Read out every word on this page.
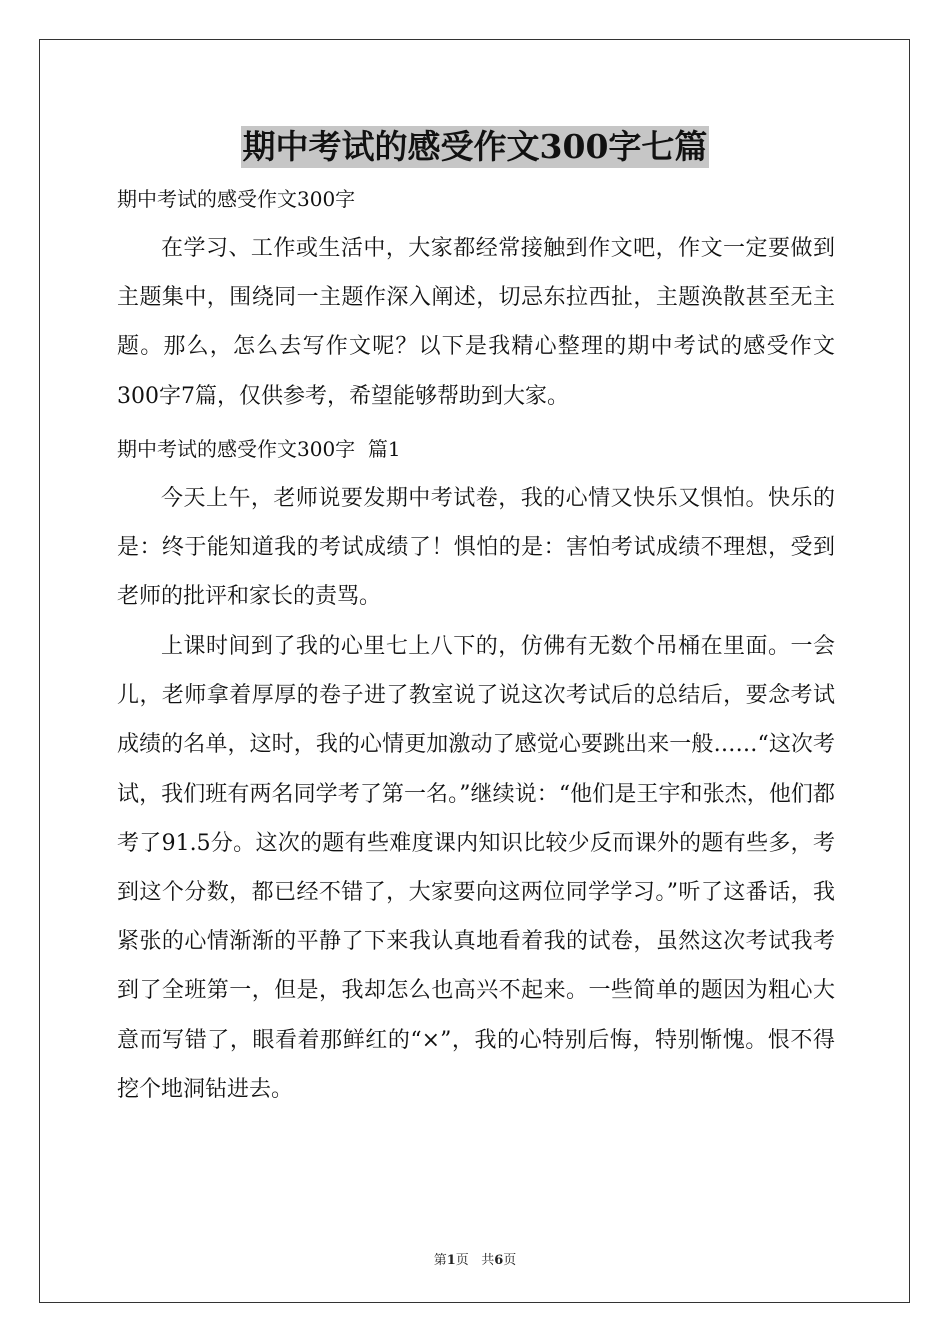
期中考试的感受作文300字七篇
期中考试的感受作文300字

在学习、工作或生活中，大家都经常接触到作文吧，作文一定要做到主题集中，围绕同一主题作深入阐述，切忌东拉西扯，主题涣散甚至无主题。那么，怎么去写作文呢？以下是我精心整理的期中考试的感受作文300字7篇，仅供参考，希望能够帮助到大家。

期中考试的感受作文300字  篇1

今天上午，老师说要发期中考试卷，我的心情又快乐又惧怕。快乐的是：终于能知道我的考试成绩了！惧怕的是：害怕考试成绩不理想，受到老师的批评和家长的责骂。

上课时间到了我的心里七上八下的，仿佛有无数个吊桶在里面。一会儿，老师拿着厚厚的卷子进了教室说了说这次考试后的总结后，要念考试成绩的名单，这时，我的心情更加激动了感觉心要跳出来一般……“这次考试，我们班有两名同学考了第一名。”继续说：“他们是王宇和张杰，他们都考了91.5分。这次的题有些难度课内知识比较少反而课外的题有些多，考到这个分数，都已经不错了，大家要向这两位同学学习。”听了这番话，我紧张的心情渐渐的平静了下来我认真地看着我的试卷，虽然这次考试我考到了全班第一，但是，我却怎么也高兴不起来。一些简单的题因为粗心大意而写错了，眼看着那鲜红的“×”，我的心特别后悔，特别惭愧。恨不得挖个地洞钻进去。

第1页 共6页
